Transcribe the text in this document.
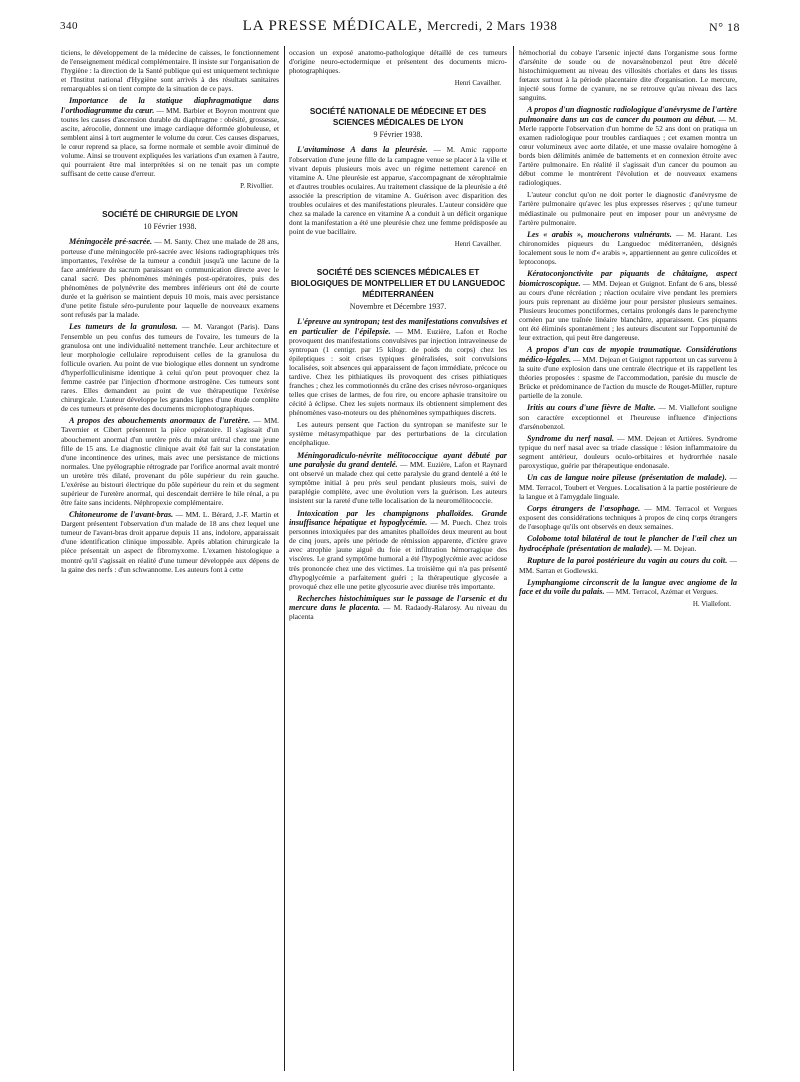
340	LA PRESSE MÉDICALE, Mercredi, 2 Mars 1938	N° 18

ticiens, le développement de la médecine de caisses, le fonctionnement de l'enseignement médical complémentaire. Il insiste sur l'organisation de l'hygiène : la direction de la Santé publique qui est uniquement technique et l'Institut national d'Hygiène sont arrivés à des résultats sanitaires remarquables si on tient compte de la situation de ce pays.

Importance de la statique diaphragmatique dans l'orthodiagramme du cœur. — MM. Barbier et Boyron montrent que toutes les causes d'ascension durable du diaphragme : obésité, grossesse, ascite, aérocolie, donnent une image cardiaque déformée globuleuse, et semblent ainsi à tort augmenter le volume du cœur. Ces causes disparues, le cœur reprend sa place, sa forme normale et semble avoir diminué de volume. Ainsi se trouvent expliquées les variations d'un examen à l'autre, qui pourraient être mal interprétées si on ne tenait pas un compte suffisant de cette cause d'erreur.

P. Rivollier.
SOCIÉTÉ DE CHIRURGIE DE LYON
10 Février 1938.

Méningocèle pré-sacrée. — M. Santy. Chez une malade de 28 ans, porteuse d'une méningocèle pré-sacrée avec lésions radiographiques très importantes, l'exérèse de la tumeur a conduit jusqu'à une lacune de la face antérieure du sacrum paraissant en communication directe avec le canal sacré. Des phénomènes méningés post-opératoires, puis des phénomènes de polynévrite des membres inférieurs ont été de courte durée et la guérison se maintient depuis 10 mois, mais avec persistance d'une petite fistule séro-purulente pour laquelle de nouveaux examens sont refusés par la malade.

Les tumeurs de la granulosa. — M. Varangot (Paris). Dans l'ensemble un peu confus des tumeurs de l'ovaire, les tumeurs de la granulosa ont une individualité nettement tranchée. Leur architecture et leur morphologie cellulaire reproduisent celles de la granulosa du follicule ovarien. Au point de vue biologique elles donnent un syndrome d'hyperfolliculinisme identique à celui qu'on peut provoquer chez la femme castrée par l'injection d'hormone œstrogène. Ces tumeurs sont rares. Elles demandent au point de vue thérapeutique l'exérèse chirurgicale. L'auteur développe les grandes lignes d'une étude complète de ces tumeurs et présente des documents microphotographiques.

A propos des abouchements anormaux de l'uretère. — MM. Tavernier et Cibert présentent la pièce opératoire. Il s'agissait d'un abouchement anormal d'un uretère près du méat urétral chez une jeune fille de 15 ans. Le diagnostic clinique avait été fait sur la constatation d'une incontinence des urines, mais avec une persistance de mictions normales. Une pyélographie rétrograde par l'orifice anormal avait montré un uretère très dilaté, provenant du pôle supérieur du rein gauche. L'exérèse au bistouri électrique du pôle supérieur du rein et du segment supérieur de l'uretère anormal, qui descendait derrière le hile rénal, a pu être faite sans incidents. Néphropexie complémentaire.

Chitoneurome de l'avant-bras. — MM. L. Bérard, J.-F. Martin et Dargent présentent l'observation d'un malade de 18 ans chez lequel une tumeur de l'avant-bras droit apparue depuis 11 ans, indolore, apparaissait d'une identification clinique impossible. Après ablation chirurgicale la pièce présentait un aspect de fibromyxome. L'examen histologique a montré qu'il s'agissait en réalité d'une tumeur développée aux dépens de la gaine des nerfs : d'un schwannome. Les auteurs font à cette

occasion un exposé anatomo-pathologique détaillé de ces tumeurs d'origine neuro-ectodermique et présentent des documents micro-photographiques.

Henri Cavailher.
SOCIÉTÉ NATIONALE DE MÉDECINE ET DES SCIENCES MÉDICALES DE LYON
9 Février 1938.

L'avitaminose A dans la pleurésie. — M. Amic rapporte l'observation d'une jeune fille de la campagne venue se placer à la ville et vivant depuis plusieurs mois avec un régime nettement carencé en vitamine A. Une pleurésie est apparue, s'accompagnant de xérophtalmie et d'autres troubles oculaires. Au traitement classique de la pleurésie a été associée la prescription de vitamine A. Guérison avec disparition des troubles oculaires et des manifestations pleurales. L'auteur considère que chez sa malade la carence en vitamine A a conduit à un déficit organique dont la manifestation a été une pleurésie chez une femme prédisposée au point de vue bacillaire.

Henri Cavailher.
SOCIÉTÉ DES SCIENCES MÉDICALES ET BIOLOGIQUES DE MONTPELLIER ET DU LANGUEDOC MÉDITERRANÉEN
Novembre et Décembre 1937.

L'épreuve au syntropan; test des manifestations convulsives et en particulier de l'épilepsie. — MM. Euzière, Lafon et Roche provoquent des manifestations convulsives par injection intraveineuse de syntropan (1 centigr. par 15 kilogr. de poids du corps) chez les épileptiques : soit crises typiques généralisées, soit convulsions localisées, soit absences qui apparaissent de façon immédiate, précoce ou tardive. Chez les pithiatiques ils provoquent des crises pithiatiques franches ; chez les commotionnés du crâne des crises névroso-organiques telles que crises de larmes, de fou rire, ou encore aphasie transitoire ou cécité à éclipse. Chez les sujets normaux ils obtiennent simplement des phénomènes vaso-moteurs ou des phénomènes sympathiques discrets.

Les auteurs pensent que l'action du syntropan se manifeste sur le système métasympathique par des perturbations de la circulation encéphalique.

Méningoradiculo-névrite mélitococcique ayant débuté par une paralysie du grand dentelé. — MM. Euzière, Lafon et Raynard ont observé un malade chez qui cette paralysie du grand dentelé a été le symptôme initial à peu près seul pendant plusieurs mois, suivi de paraplégie complète, avec une évolution vers la guérison. Les auteurs insistent sur la rareté d'une telle localisation de la neuromélitococcie.

Intoxication par les champignons phalloïdes. Grande insuffisance hépatique et hypoglycémie. — M. Puech. Chez trois personnes intoxiquées par des amanites phalloïdes deux meurent au bout de cinq jours, après une période de rémission apparente, d'ictère grave avec atrophie jaune aiguë du foie et infiltration hémorragique des viscères. Le grand symptôme humoral a été l'hypoglycémie avec acidose très prononcée chez une des victimes. La troisième qui n'a pas présenté d'hypoglycémie a parfaitement guéri ; la thérapeutique glycosée a provoqué chez elle une petite glycosurie avec diurèse très importante.

Recherches histochimiques sur le passage de l'arsenic et du mercure dans le placenta. — M. Radaody-Ralarosy. Au niveau du placenta

hémochorial du cobaye l'arsenic injecté dans l'organisme sous forme d'arsénite de soude ou de novarsénobenzol peut être décelé histochimiquement au niveau des villosités choriales et dans les tissus fœtaux surtout à la période placentaire dite d'organisation. Le mercure, injecté sous forme de cyanure, ne se retrouve qu'au niveau des lacs sanguins.

A propos d'un diagnostic radiologique d'anévrysme de l'artère pulmonaire dans un cas de cancer du poumon au début. — M. Merle rapporte l'observation d'un homme de 52 ans dont on pratiqua un examen radiologique pour troubles cardiaques ; cet examen montra un cœur volumineux avec aorte dilatée, et une masse ovalaire homogène à bords bien délimités animée de battements et en connexion étroite avec l'artère pulmonaire. En réalité il s'agissait d'un cancer du poumon au début comme le montrèrent l'évolution et de nouveaux examens radiologiques.

L'auteur conclut qu'on ne doit porter le diagnostic d'anévrysme de l'artère pulmonaire qu'avec les plus expresses réserves ; qu'une tumeur médiastinale ou pulmonaire peut en imposer pour un anévrysme de l'artère pulmonaire.

Les « arabis », moucherons vulnérants. — M. Harant. Les chironomides piqueurs du Languedoc méditerranéen, désignés localement sous le nom d'« arabis », appartiennent au genre culicoïdes et leptoconops.

Kératoconjonctivite par piquants de châtaigne, aspect biomicroscopique. — MM. Dejean et Guignot. Enfant de 6 ans, blessé au cours d'une récréation ; réaction oculaire vive pendant les premiers jours puis reprenant au dixième jour pour persister plusieurs semaines. Plusieurs leucomes ponctiformes, certains prolongés dans le parenchyme cornéen par une traînée linéaire blanchâtre, apparaissent. Ces piquants ont été éliminés spontanément ; les auteurs discutent sur l'opportunité de leur extraction, qui peut être dangereuse.

A propos d'un cas de myopie traumatique. Considérations médico-légales. — MM. Dejean et Guignot rapportent un cas survenu à la suite d'une explosion dans une centrale électrique et ils rappellent les théories proposées : spasme de l'accommodation, parésie du muscle de Brücke et prédominance de l'action du muscle de Rouget-Müller, rupture partielle de la zonule.

Iritis au cours d'une fièvre de Malte. — M. Viallefont souligne son caractère exceptionnel et l'heureuse influence d'injections d'arsénobenzol.

Syndrome du nerf nasal. — MM. Dejean et Artières. Syndrome typique du nerf nasal avec sa triade classique : lésion inflammatoire du segment antérieur, douleurs oculo-orbitaires et hydrorrhée nasale paroxystique, guérie par thérapeutique endonasale.

Un cas de langue noire pileuse (présentation de malade). — MM. Terracol, Toubert et Vergues. Localisation à la partie postérieure de la langue et à l'amygdale linguale.

Corps étrangers de l'œsophage. — MM. Terracol et Vergues exposent des considérations techniques à propos de cinq corps étrangers de l'œsophage qu'ils ont observés en deux semaines.

Colobome total bilatéral de tout le plancher de l'œil chez un hydrocéphale (présentation de malade). — M. Dejean.

Rupture de la paroi postérieure du vagin au cours du coït. — MM. Sarran et Godlewski.

Lymphangiome circonscrit de la langue avec angiome de la face et du voile du palais. — MM. Terracol, Azémar et Vergues.

H. Viallefont.
